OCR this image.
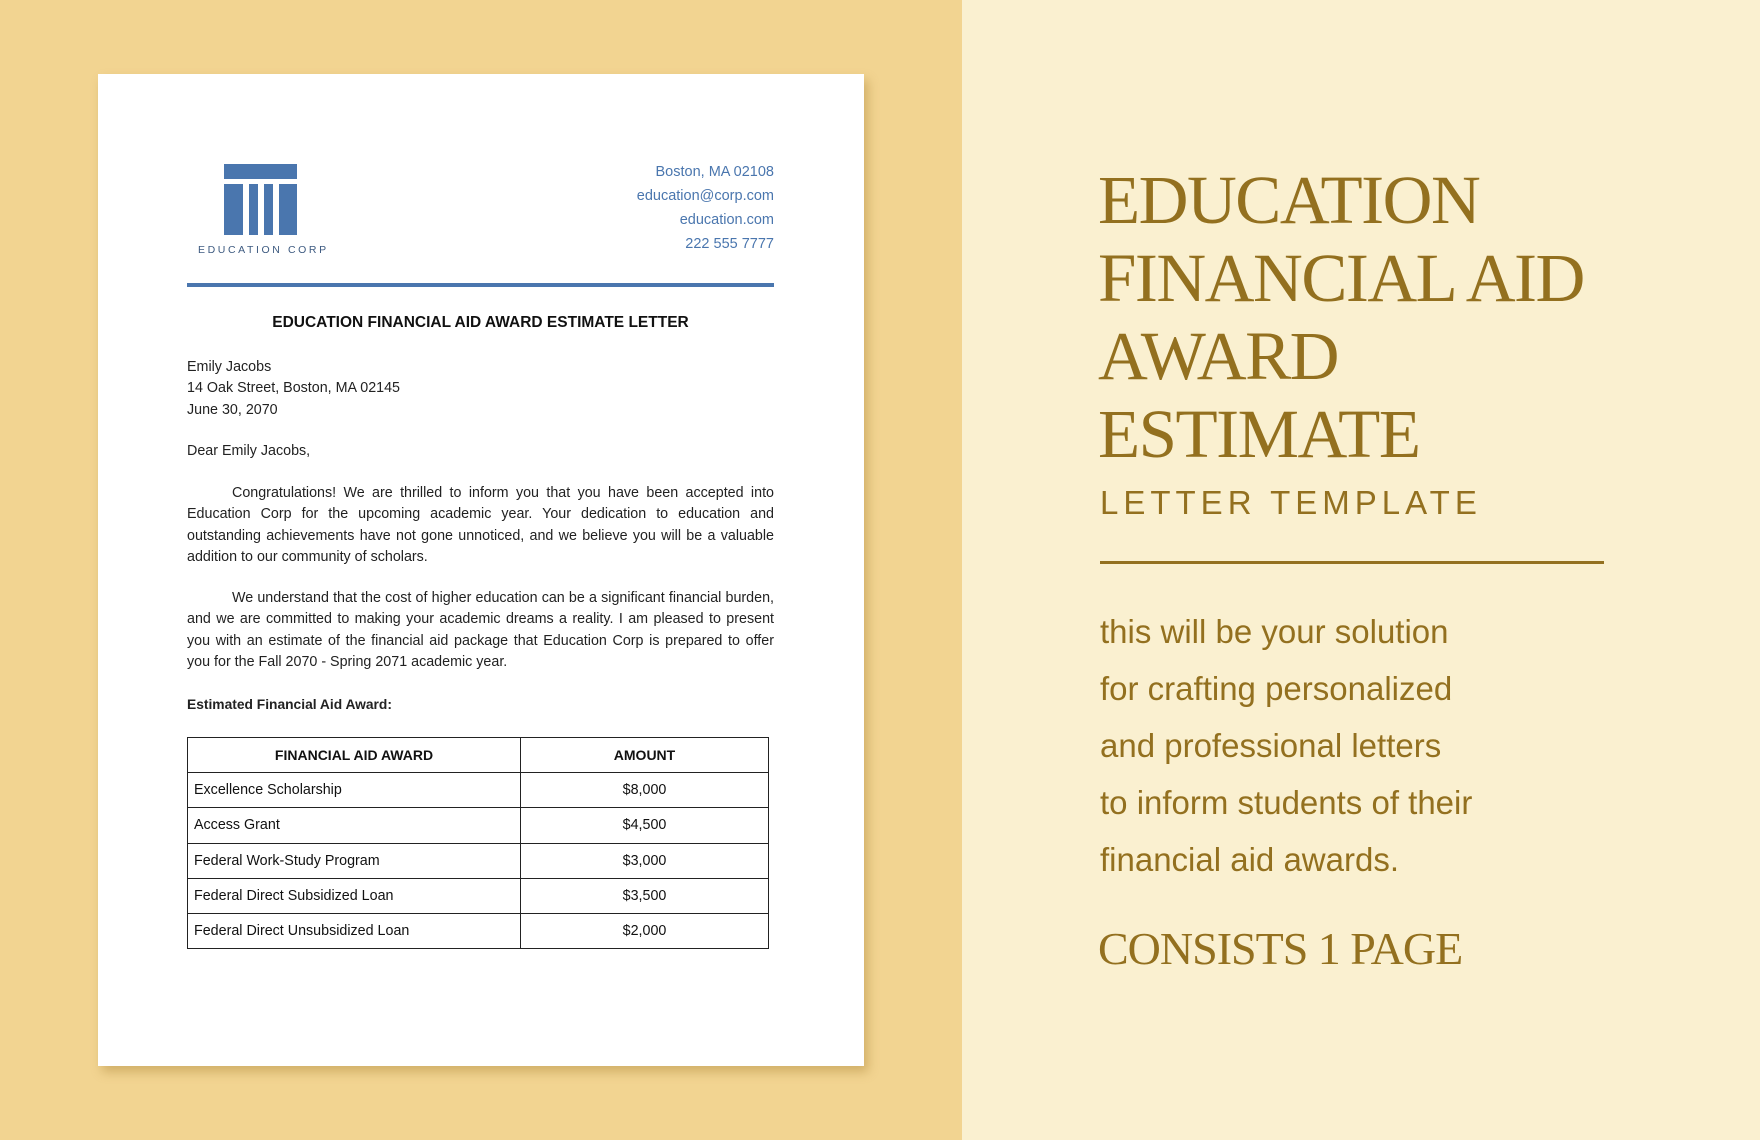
EDUCATION CORP
Boston, MA 02108
education@corp.com
education.com
222 555 7777
EDUCATION FINANCIAL AID AWARD ESTIMATE LETTER
Emily Jacobs
14 Oak Street, Boston, MA 02145
June 30, 2070
Dear Emily Jacobs,
Congratulations! We are thrilled to inform you that you have been accepted into Education Corp for the upcoming academic year. Your dedication to education and outstanding achievements have not gone unnoticed, and we believe you will be a valuable addition to our community of scholars.
We understand that the cost of higher education can be a significant financial burden, and we are committed to making your academic dreams a reality. I am pleased to present you with an estimate of the financial aid package that Education Corp is prepared to offer you for the Fall 2070 - Spring 2071 academic year.
Estimated Financial Aid Award:
FINANCIAL AID AWARD	AMOUNT
Excellence Scholarship	$8,000
Access Grant	$4,500
Federal Work-Study Program	$3,000
Federal Direct Subsidized Loan	$3,500
Federal Direct Unsubsidized Loan	$2,000
EDUCATION
FINANCIAL AID
AWARD
ESTIMATE
LETTER TEMPLATE
this will be your solution
for crafting personalized
and professional letters
to inform students of their
financial aid awards.
CONSISTS 1 PAGE
